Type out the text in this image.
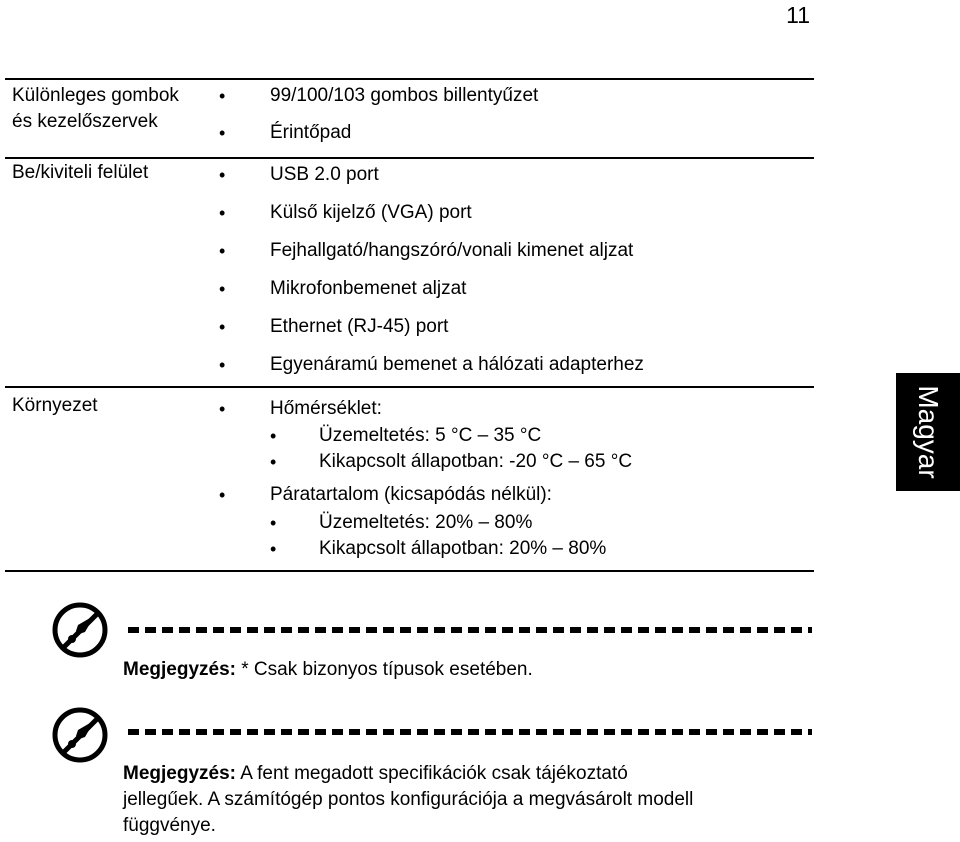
11
Különleges gombok
és kezelőszervek
• 99/100/103 gombos billentyűzet
• Érintőpad
Be/kiviteli felület	• USB 2.0 port
• Külső kijelző (VGA) port
• Fejhallgató/hangszóró/vonali kimenet aljzat
• Mikrofonbemenet aljzat
• Ethernet (RJ-45) port
• Egyenáramú bemenet a hálózati adapterhez
Környezet	• Hőmérséklet:
• Üzemeltetés: 5 °C – 35 °C
• Kikapcsolt állapotban: -20 °C – 65 °C
• Páratartalom (kicsapódás nélkül):
• Üzemeltetés: 20% – 80%
• Kikapcsolt állapotban: 20% – 80%
Magyar
Megjegyzés: * Csak bizonyos típusok esetében.
Megjegyzés: A fent megadott specifikációk csak tájékoztató
jellegűek. A számítógép pontos konfigurációja a megvásárolt modell
függvénye.
